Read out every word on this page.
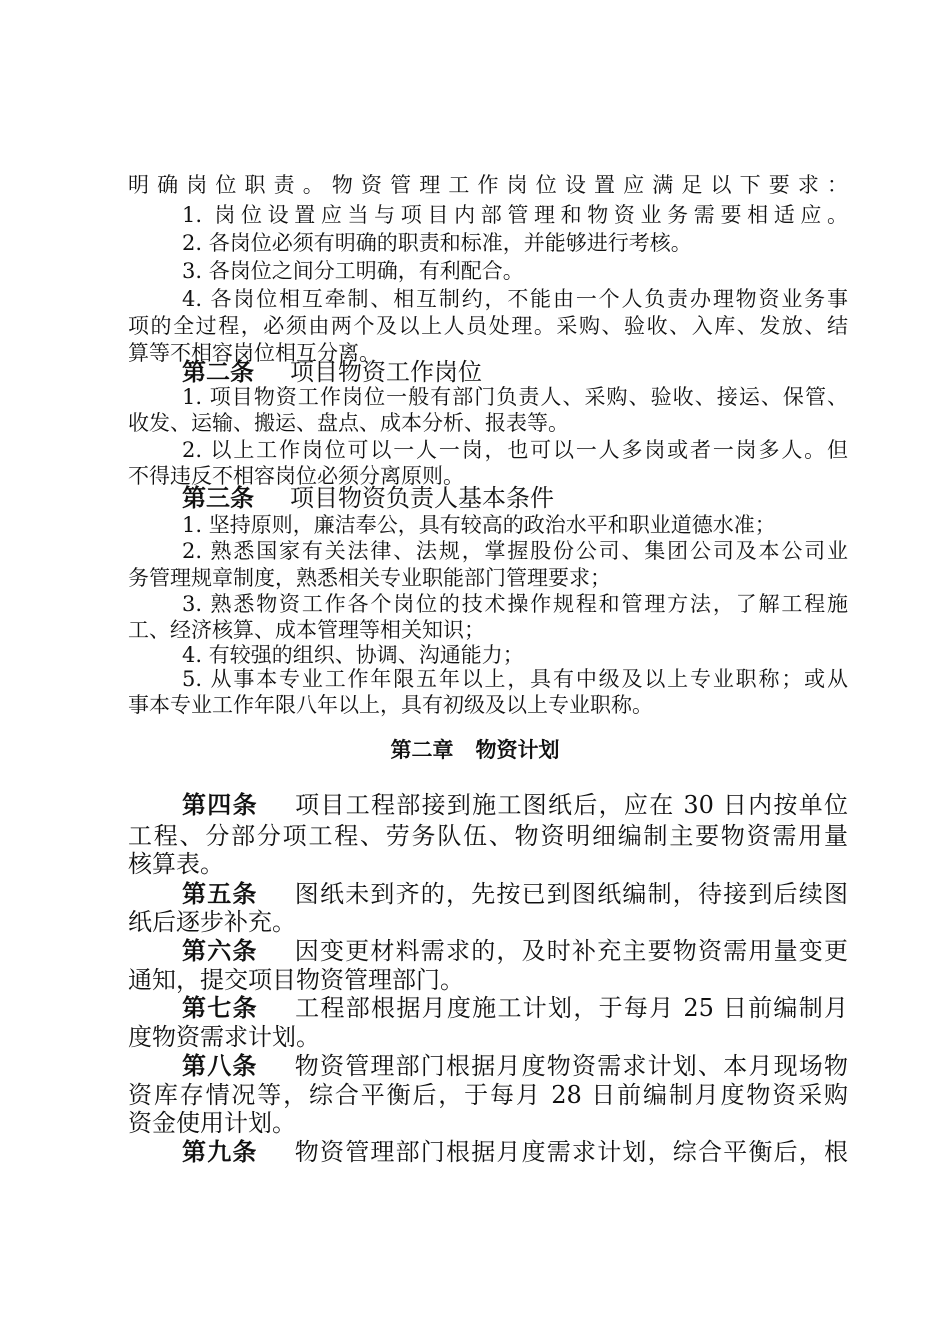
明确岗位职责。物资管理工作岗位设置应满足以下要求：
1. 岗位设置应当与项目内部管理和物资业务需要相适应。
2. 各岗位必须有明确的职责和标准，并能够进行考核。
3. 各岗位之间分工明确，有利配合。
4. 各岗位相互牵制、相互制约，不能由一个人负责办理物资业务事
项的全过程，必须由两个及以上人员处理。采购、验收、入库、发放、结
算等不相容岗位相互分离。
第二条 项目物资工作岗位
1. 项目物资工作岗位一般有部门负责人、采购、验收、接运、保管、
收发、运输、搬运、盘点、成本分析、报表等。
2. 以上工作岗位可以一人一岗，也可以一人多岗或者一岗多人。但
不得违反不相容岗位必须分离原则。
第三条 项目物资负责人基本条件
1. 坚持原则，廉洁奉公，具有较高的政治水平和职业道德水准；
2. 熟悉国家有关法律、法规，掌握股份公司、集团公司及本公司业
务管理规章制度，熟悉相关专业职能部门管理要求；
3. 熟悉物资工作各个岗位的技术操作规程和管理方法，了解工程施
工、经济核算、成本管理等相关知识；
4. 有较强的组织、协调、沟通能力；
5. 从事本专业工作年限五年以上，具有中级及以上专业职称；或从
事本专业工作年限八年以上，具有初级及以上专业职称。
第二章 物资计划
第四条 项目工程部接到施工图纸后，应在 30 日内按单位
工程、分部分项工程、劳务队伍、物资明细编制主要物资需用量
核算表。
第五条 图纸未到齐的，先按已到图纸编制，待接到后续图
纸后逐步补充。
第六条 因变更材料需求的，及时补充主要物资需用量变更
通知，提交项目物资管理部门。
第七条 工程部根据月度施工计划，于每月 25 日前编制月
度物资需求计划。
第八条 物资管理部门根据月度物资需求计划、本月现场物
资库存情况等，综合平衡后，于每月 28 日前编制月度物资采购
资金使用计划。
第九条 物资管理部门根据月度需求计划，综合平衡后，根
